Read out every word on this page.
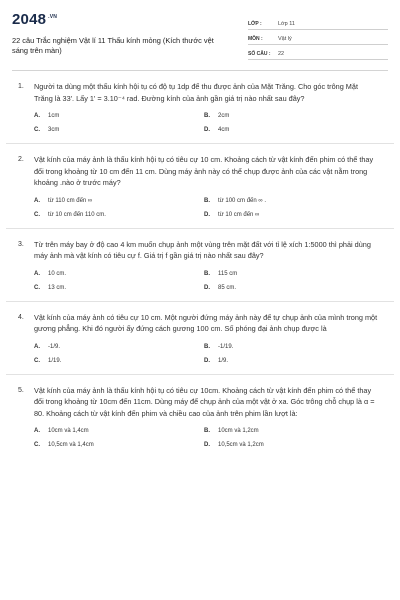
2048 .VN
22 câu Trắc nghiệm Vật lí 11 Thấu kính mỏng (Kích thước vệt sáng trên màn)
LỚP :	Lớp 11
MÔN :	Vật lý
SỐ CÂU :	22
1.	Người ta dùng một thấu kính hội tụ có độ tụ 1dp để thu được ảnh của Mặt Trăng. Cho góc trông Mặt Trăng là 33'. Lấy 1' = 3.10⁻⁴ rad. Đường kính của ảnh gần giá trị nào nhất sau đây?
A.	1cm	B.	2cm
C.	3cm	D.	4cm
2.	Vật kính của máy ảnh là thấu kính hội tụ có tiêu cự 10 cm. Khoảng cách từ vật kính đến phim có thể thay đổi trong khoảng từ 10 cm đến 11 cm. Dùng máy ảnh này có thể chụp được ảnh của các vật nằm trong khoảng .nào ở trước máy?
A.	từ 110 cm đến ∞	B.	từ 100 cm đến ∞ .
C.	từ 10 cm đến 110 cm.	D.	từ 10 cm đến ∞
3.	Từ trên máy bay ở độ cao 4 km muốn chụp ảnh một vùng trên mặt đất với tỉ lệ xích 1:5000 thì phải dùng máy ảnh mà vật kính có tiêu cự f. Giá trị f gần giá trị nào nhất sau đây?
A.	10 cm.	B.	115 cm
C.	13 cm.	D.	85 cm.
4.	Vật kính của máy ảnh có tiêu cự 10 cm. Một người đứng máy ảnh này để tự chụp ảnh của mình trong một gương phẳng. Khi đó người ấy đứng cách gương 100 cm. Số phóng đại ảnh chụp được là
A.	-1/9.	B.	-1/19.
C.	1/19.	D.	1/9.
5.	Vật kính của máy ảnh là thấu kính hội tụ có tiêu cự 10cm. Khoảng cách từ vật kính đến phim có thể thay đổi trong khoảng từ 10cm đến 11cm. Dùng máy để chụp ảnh của một vật ở xa. Góc trông chỗ chụp là α = 80. Khoảng cách từ vật kính đến phim và chiều cao của ảnh trên phim lần lượt là:
A.	10cm và 1,4cm	B.	10cm và 1,2cm
C.	10,5cm và 1,4cm	D.	10,5cm và 1,2cm
